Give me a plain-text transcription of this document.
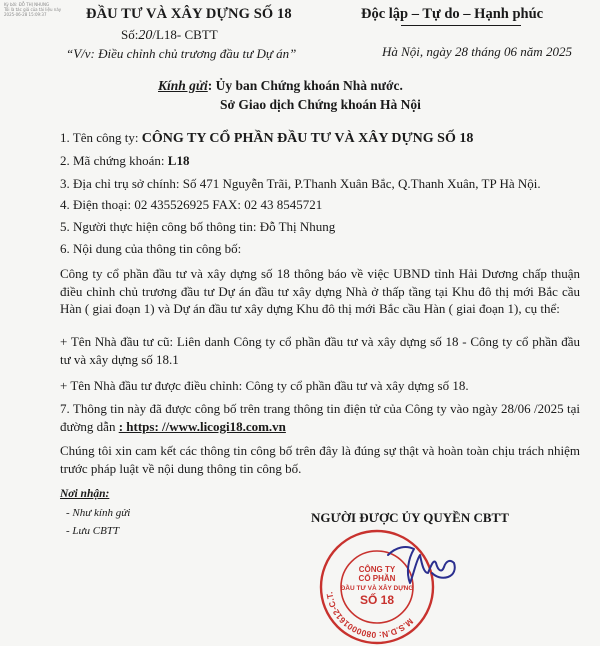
Ký bởi: ĐỖ THỊ NHUNG
Tôi là tác giả của tài liệu này
2025-06-28 15:09:37	ĐẦU TƯ VÀ XÂY DỰNG SỐ 18	Độc lập – Tự do – Hạnh phúc
Số:20/L18- CBTT
“V/v: Điều chỉnh chủ trương đầu tư Dự án”	Hà Nội, ngày 28 tháng 06 năm 2025
Kính gửi: Ủy ban Chứng khoán Nhà nước.
Sở Giao dịch Chứng khoán Hà Nội
1. Tên công ty: CÔNG TY CỔ PHẦN ĐẦU TƯ VÀ XÂY DỰNG SỐ 18
2. Mã chứng khoán: L18
3. Địa chỉ trụ sở chính: Số 471 Nguyễn Trãi, P.Thanh Xuân Bắc, Q.Thanh Xuân, TP Hà Nội.
4. Điện thoại: 02 435526925 FAX: 02 43 8545721
5. Người thực hiện công bố thông tin: Đỗ Thị Nhung
6. Nội dung của thông tin công bố:
Công ty cổ phần đầu tư và xây dựng số 18 thông báo về việc UBND tỉnh Hải Dương chấp thuận điều chỉnh chủ trương đầu tư Dự án đầu tư xây dựng Nhà ở thấp tầng tại Khu đô thị mới Bắc cầu Hàn ( giai đoạn 1) và Dự án đầu tư xây dựng Khu đô thị mới Bắc cầu Hàn ( giai đoạn 1), cụ thể:
+ Tên Nhà đầu tư cũ: Liên danh Công ty cổ phần đầu tư và xây dựng số 18 - Công ty cổ phần đầu tư và xây dựng số 18.1
+ Tên Nhà đầu tư được điều chỉnh: Công ty cổ phần đầu tư và xây dựng số 18.
7. Thông tin này đã được công bố trên trang thông tin điện tử của Công ty vào ngày 28/06 /2025 tại đường dẫn : https: //www.licogi18.com.vn
Chúng tôi xin cam kết các thông tin công bố trên đây là đúng sự thật và hoàn toàn chịu trách nhiệm trước pháp luật về nội dung thông tin công bố.
Nơi nhận:
- Như kính gửi
- Lưu CBTT
NGƯỜI ĐƯỢC ỦY QUYỀN CBTT
M.S.D.N: 0800001612-C.T.
CÔNG TY
CỔ PHẦN
ĐẦU TƯ VÀ XÂY DỰNG
SỐ 18
